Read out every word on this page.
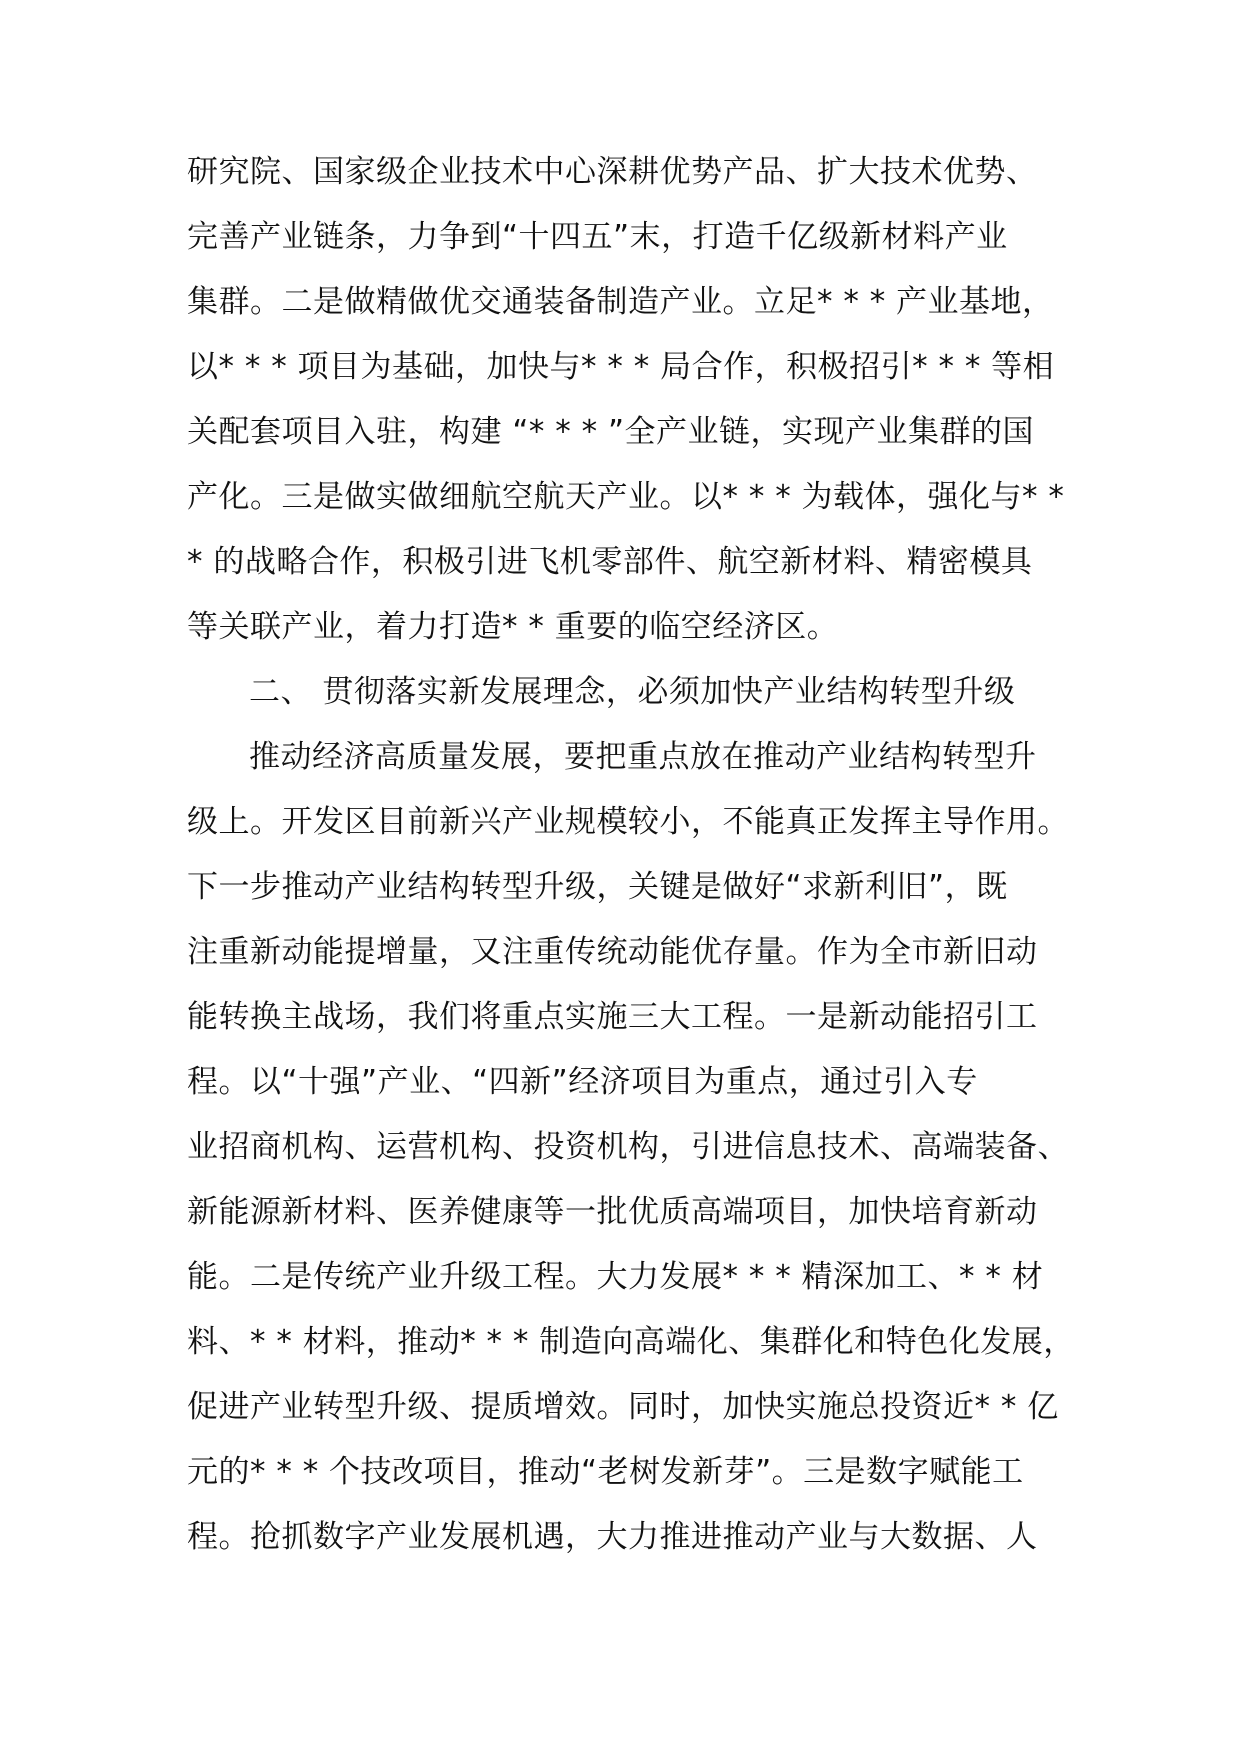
研究院、国家级企业技术中心深耕优势产品、扩大技术优势、
完善产业链条，力争到“十四五”末，打造千亿级新材料产业
集群。二是做精做优交通装备制造产业。立足* * * 产业基地，
以* * * 项目为基础，加快与* * * 局合作，积极招引* * * 等相
关配套项目入驻，构建 “* * * ”全产业链，实现产业集群的国
产化。三是做实做细航空航天产业。以* * * 为载体，强化与* *
* 的战略合作，积极引进飞机零部件、航空新材料、精密模具
等关联产业，着力打造* * 重要的临空经济区。
二、 贯彻落实新发展理念，必须加快产业结构转型升级
推动经济高质量发展，要把重点放在推动产业结构转型升
级上。开发区目前新兴产业规模较小，不能真正发挥主导作用。
下一步推动产业结构转型升级，关键是做好“求新利旧”，既
注重新动能提增量，又注重传统动能优存量。作为全市新旧动
能转换主战场，我们将重点实施三大工程。一是新动能招引工
程。以“十强”产业、“四新”经济项目为重点，通过引入专
业招商机构、运营机构、投资机构，引进信息技术、高端装备、
新能源新材料、医养健康等一批优质高端项目，加快培育新动
能。二是传统产业升级工程。大力发展* * * 精深加工、* * 材
料、* * 材料，推动* * * 制造向高端化、集群化和特色化发展，
促进产业转型升级、提质增效。同时，加快实施总投资近* * 亿
元的* * * 个技改项目，推动“老树发新芽”。三是数字赋能工
程。抢抓数字产业发展机遇，大力推进推动产业与大数据、人
